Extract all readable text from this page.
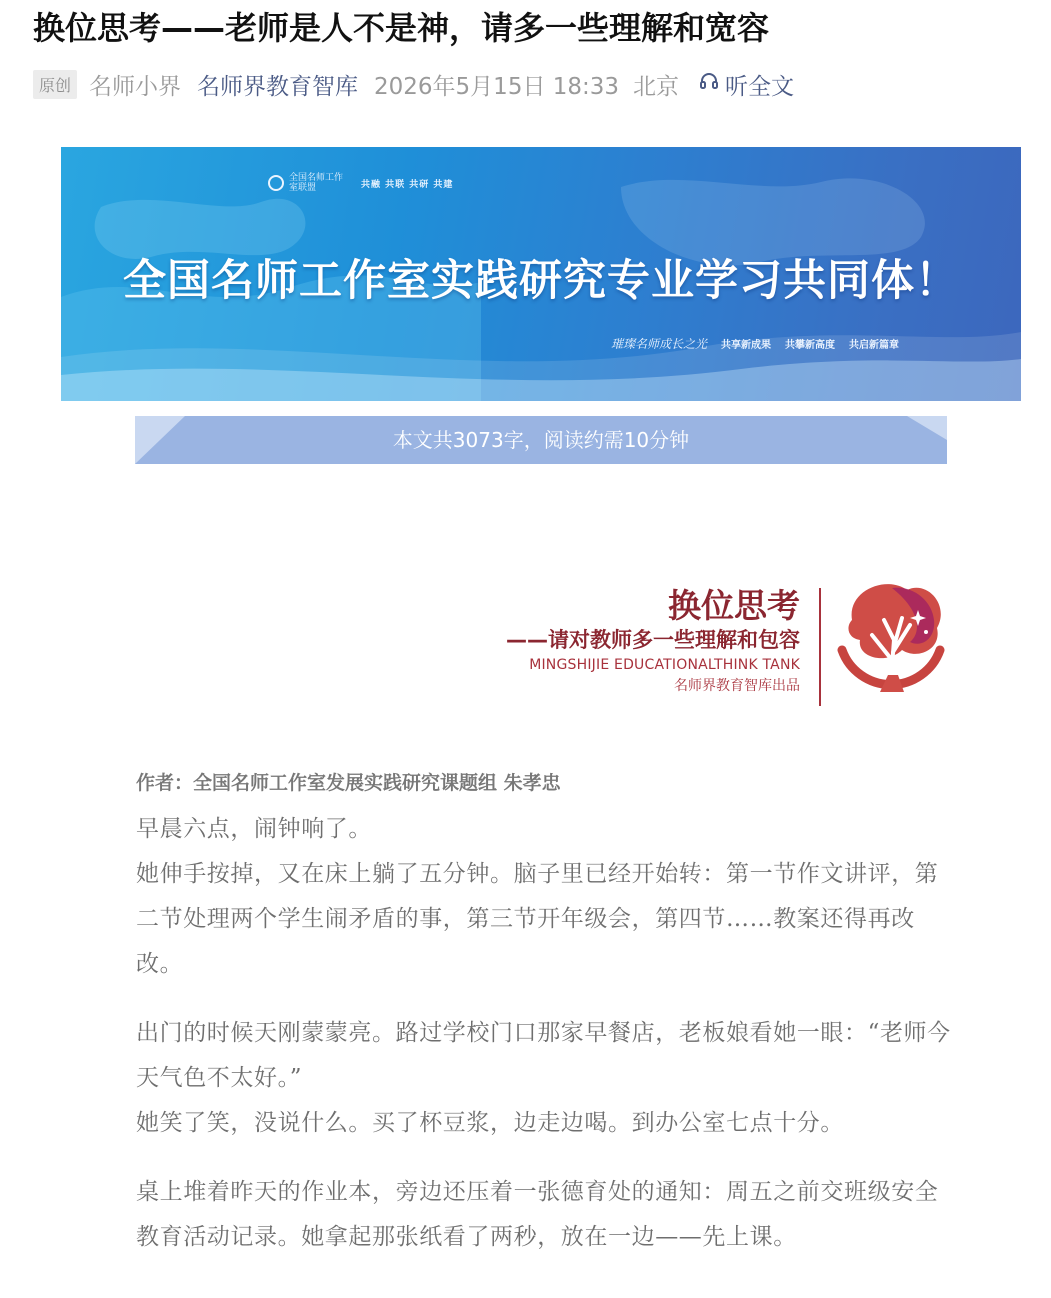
换位思考——老师是人不是神，请多一些理解和宽容
原创 名师小界 名师界教育智库 2026年5月15日 18:33 北京 听全文
全国名师工作室联盟	共融 共联 共研 共建
全国名师工作室实践研究专业学习共同体！
璀璨名师成长之光 共享新成果 共攀新高度 共启新篇章
本文共3073字，阅读约需10分钟
换位思考
——请对教师多一些理解和包容
MINGSHIJIE EDUCATIONALTHINK TANK
名师界教育智库出品
作者：全国名师工作室发展实践研究课题组 朱孝忠

早晨六点，闹钟响了。

她伸手按掉，又在床上躺了五分钟。脑子里已经开始转：第一节作文讲评，第二节处理两个学生闹矛盾的事，第三节开年级会，第四节……教案还得再改改。

出门的时候天刚蒙蒙亮。路过学校门口那家早餐店，老板娘看她一眼：“老师今天气色不太好。”

她笑了笑，没说什么。买了杯豆浆，边走边喝。到办公室七点十分。

桌上堆着昨天的作业本，旁边还压着一张德育处的通知：周五之前交班级安全教育活动记录。她拿起那张纸看了两秒，放在一边——先上课。
